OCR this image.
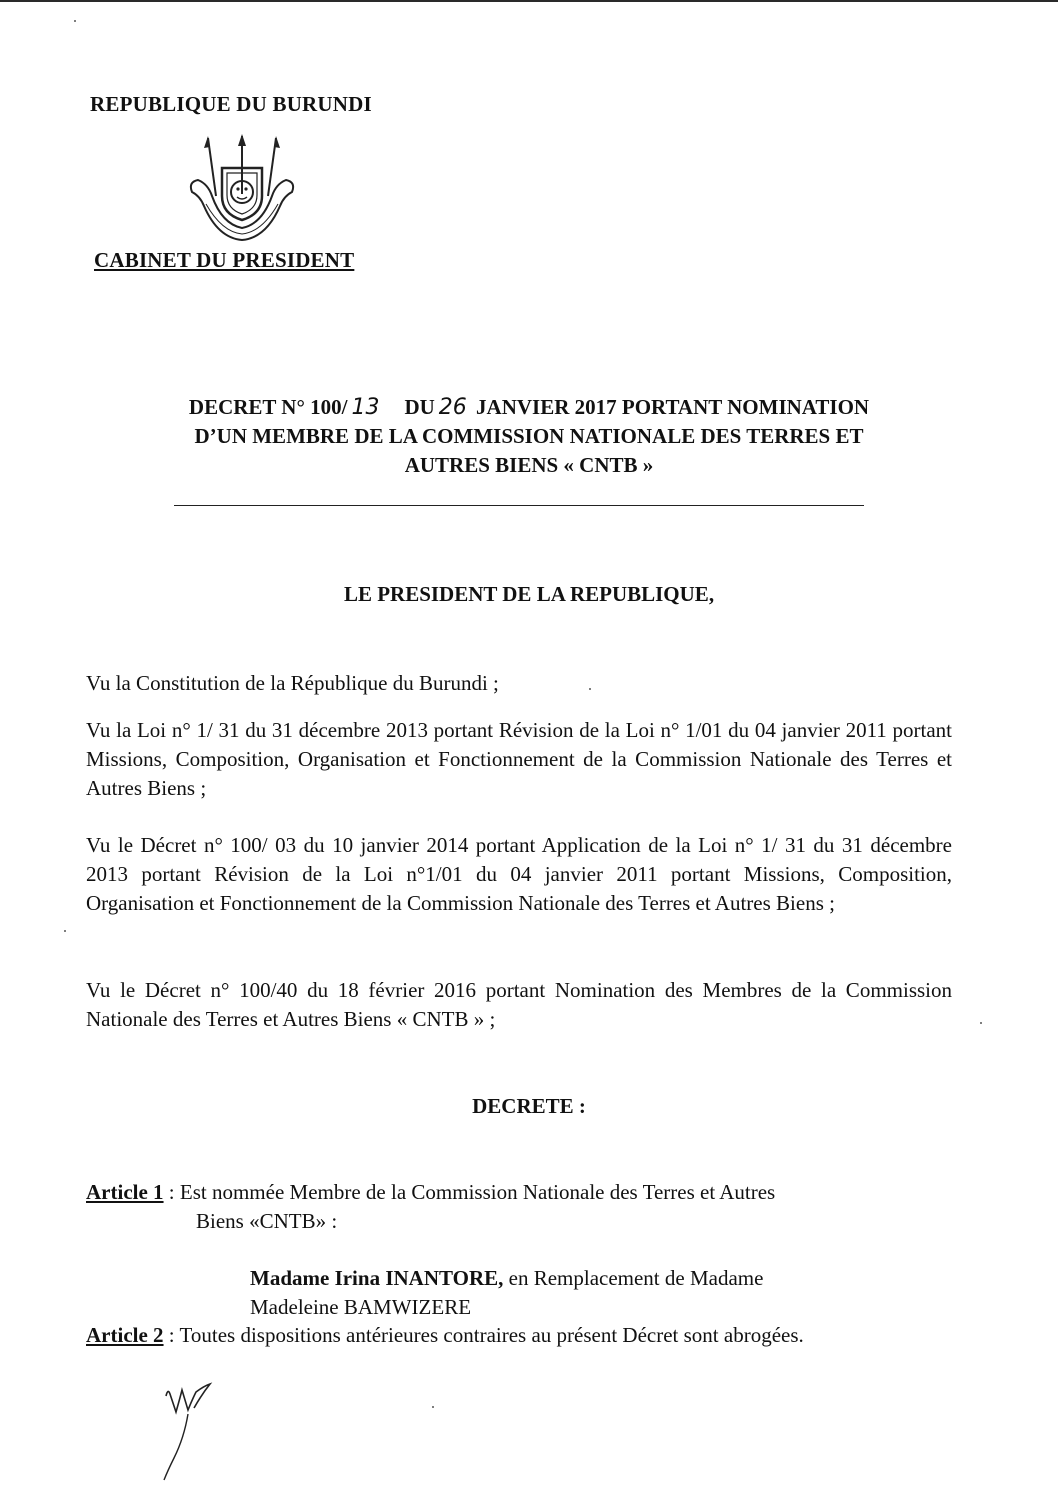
REPUBLIQUE DU BURUNDI
CABINET DU PRESIDENT
DECRET N° 100/ 13 DU 26 JANVIER 2017 PORTANT NOMINATION
D’UN MEMBRE DE LA COMMISSION NATIONALE DES TERRES ET
AUTRES BIENS « CNTB »
LE PRESIDENT DE LA REPUBLIQUE,
Vu la Constitution de la République du Burundi ;
Vu la Loi n° 1/ 31 du 31 décembre 2013 portant Révision de la Loi n° 1/01 du 04 janvier 2011 portant Missions, Composition, Organisation et Fonctionnement de la Commission Nationale des Terres et Autres Biens ;
Vu le Décret n° 100/ 03 du 10 janvier 2014 portant Application de la Loi n° 1/ 31 du 31 décembre 2013 portant Révision de la Loi n°1/01 du 04 janvier 2011 portant Missions, Composition, Organisation et Fonctionnement de la Commission Nationale des Terres et Autres Biens ;
Vu le Décret n° 100/40 du 18 février 2016 portant Nomination des Membres de la Commission Nationale des Terres et Autres Biens « CNTB » ;
DECRETE :
Article 1 : Est nommée Membre de la Commission Nationale des Terres et Autres
Biens «CNTB» :
Madame Irina INANTORE, en Remplacement de Madame
Madeleine BAMWIZERE
Article 2 : Toutes dispositions antérieures contraires au présent Décret sont abrogées.
